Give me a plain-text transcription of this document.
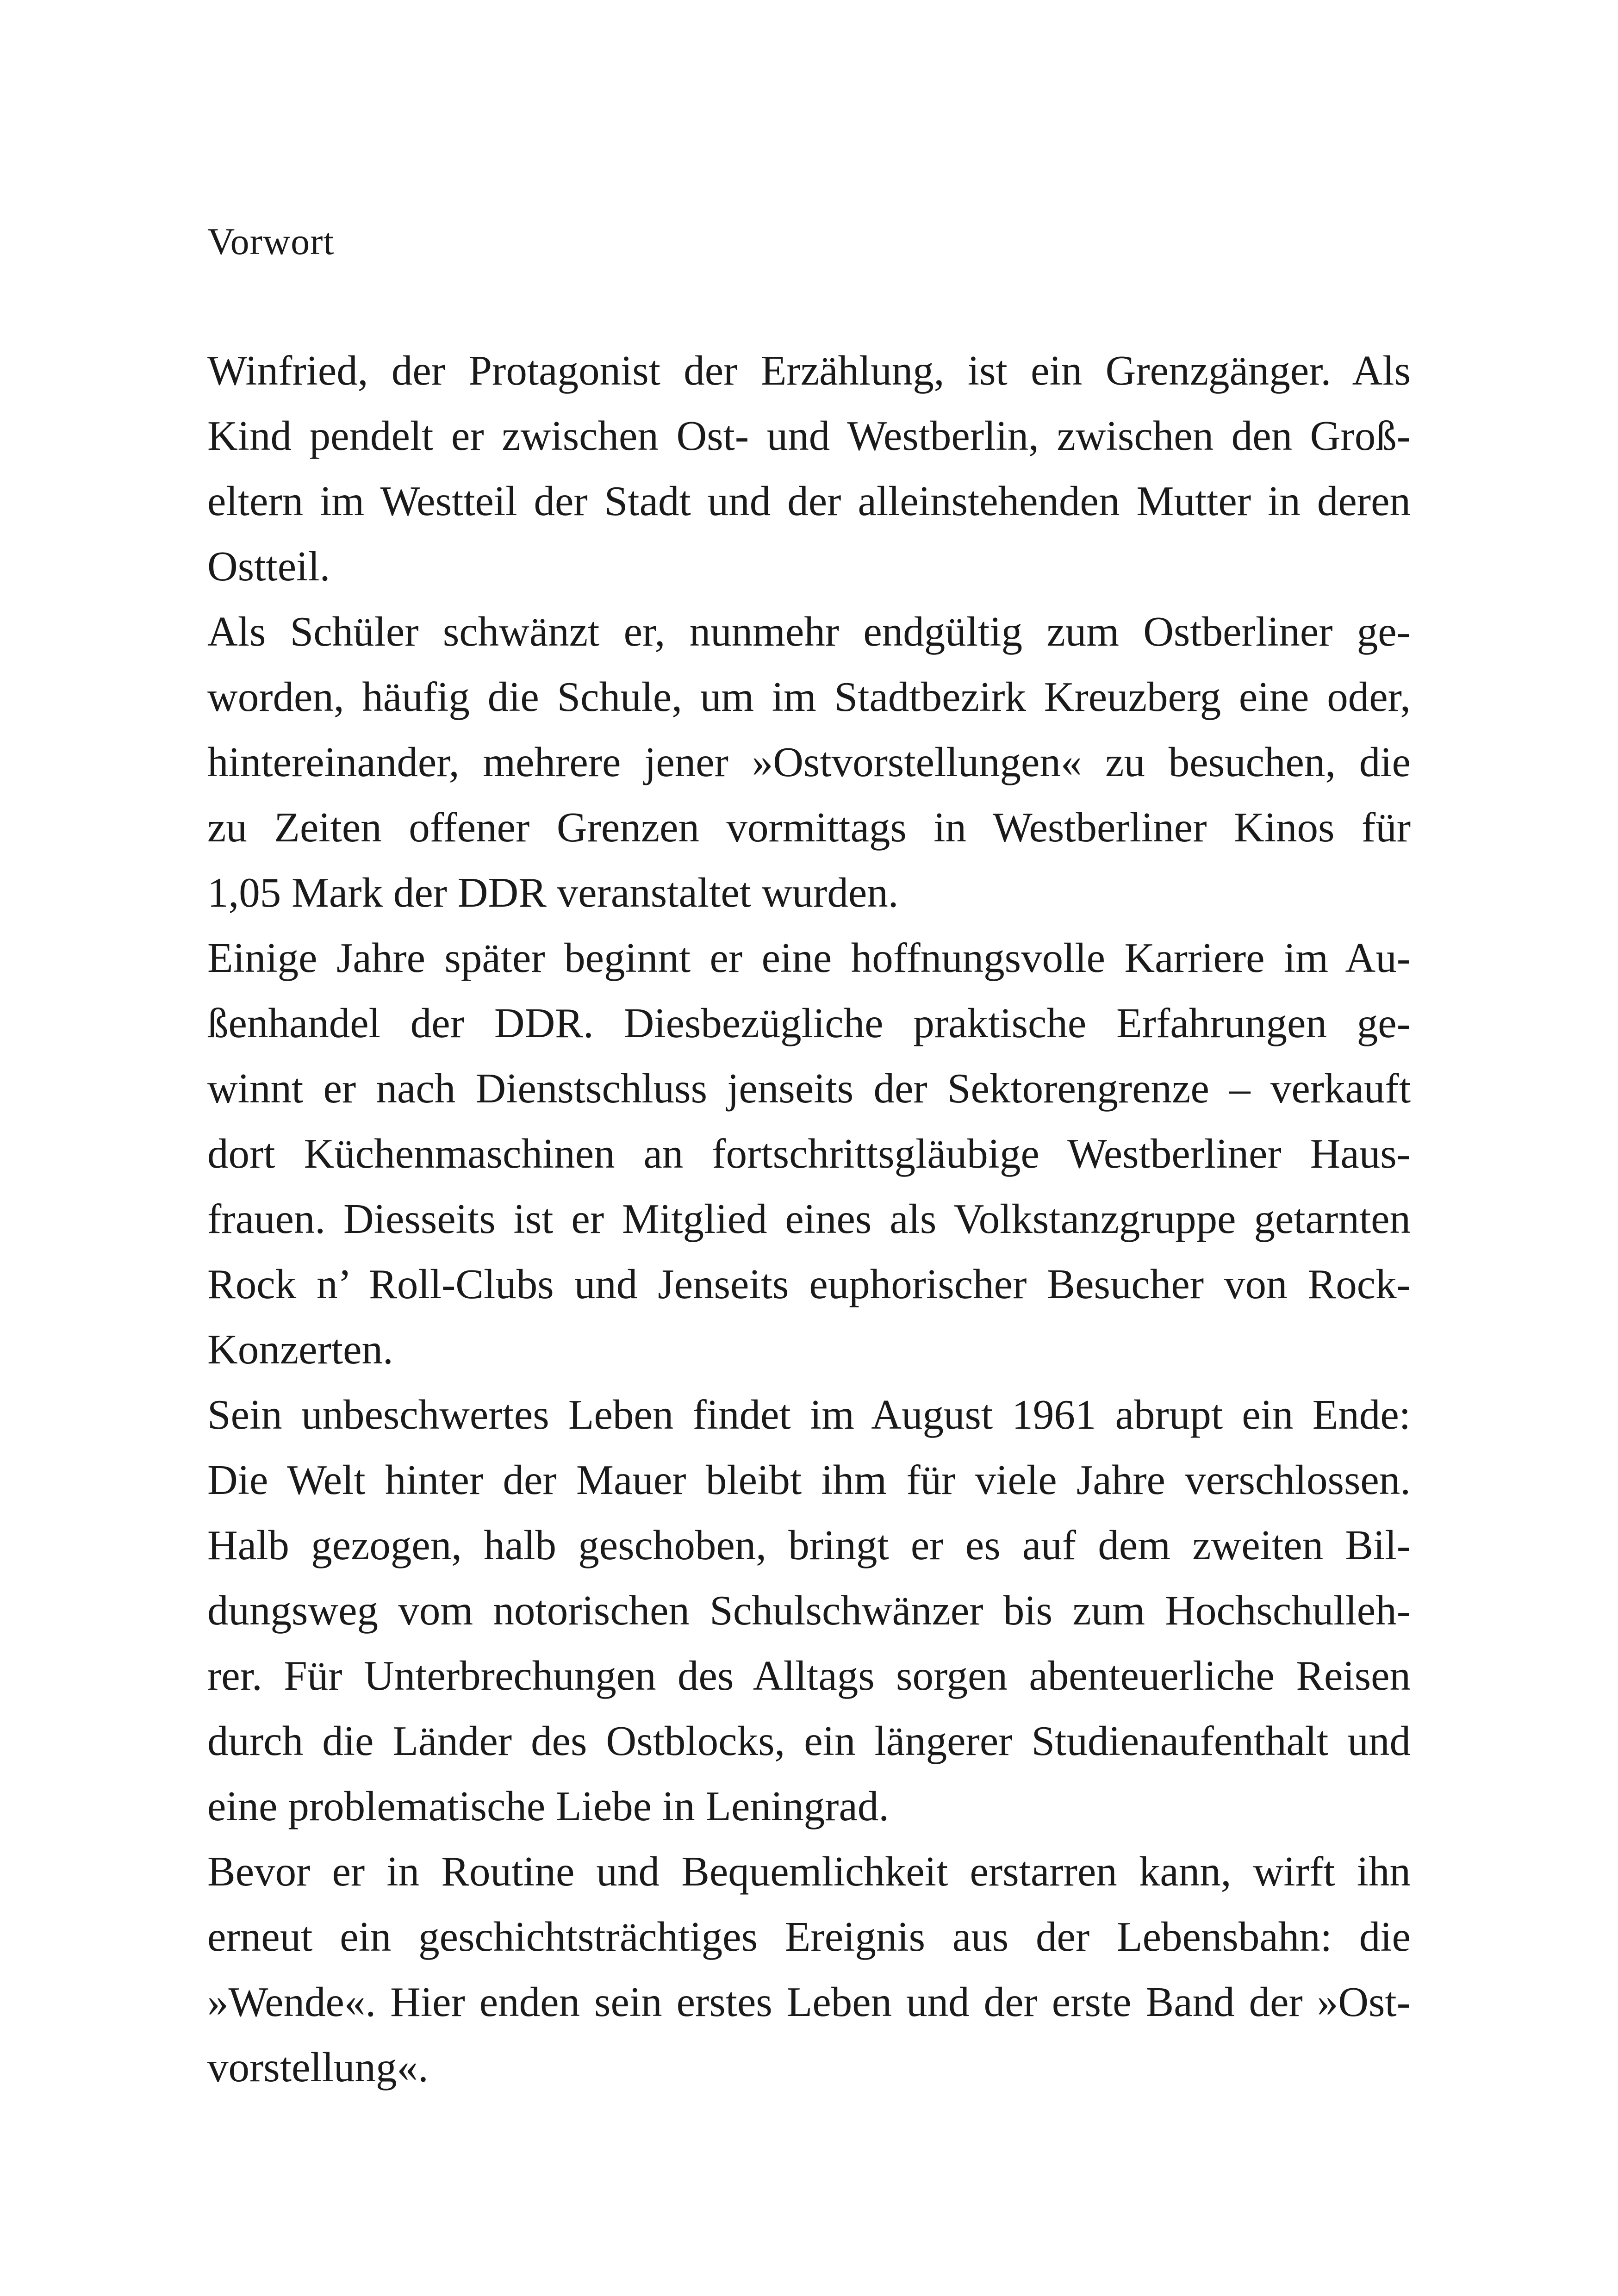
Vorwort
Winfried, der Protagonist der Erzählung, ist ein Grenzgänger. Als
Kind pendelt er zwischen Ost- und Westberlin, zwischen den Groß-
eltern im Westteil der Stadt und der alleinstehenden Mutter in deren
Ostteil.
Als Schüler schwänzt er, nunmehr endgültig zum Ostberliner ge-
worden, häufig die Schule, um im Stadtbezirk Kreuzberg eine oder,
hintereinander, mehrere jener »Ostvorstellungen« zu besuchen, die
zu Zeiten offener Grenzen vormittags in Westberliner Kinos für
1,05 Mark der DDR veranstaltet wurden.
Einige Jahre später beginnt er eine hoffnungsvolle Karriere im Au-
ßenhandel der DDR. Diesbezügliche praktische Erfahrungen ge-
winnt er nach Dienstschluss jenseits der Sektorengrenze – verkauft
dort Küchenmaschinen an fortschrittsgläubige Westberliner Haus-
frauen. Diesseits ist er Mitglied eines als Volkstanzgruppe getarnten
Rock n’ Roll-Clubs und Jenseits euphorischer Besucher von Rock-
Konzerten.
Sein unbeschwertes Leben findet im August 1961 abrupt ein Ende:
Die Welt hinter der Mauer bleibt ihm für viele Jahre verschlossen.
Halb gezogen, halb geschoben, bringt er es auf dem zweiten Bil-
dungsweg vom notorischen Schulschwänzer bis zum Hochschulleh-
rer. Für Unterbrechungen des Alltags sorgen abenteuerliche Reisen
durch die Länder des Ostblocks, ein längerer Studienaufenthalt und
eine problematische Liebe in Leningrad.
Bevor er in Routine und Bequemlichkeit erstarren kann, wirft ihn
erneut ein geschichtsträchtiges Ereignis aus der Lebensbahn: die
»Wende«. Hier enden sein erstes Leben und der erste Band der »Ost-
vorstellung«.
